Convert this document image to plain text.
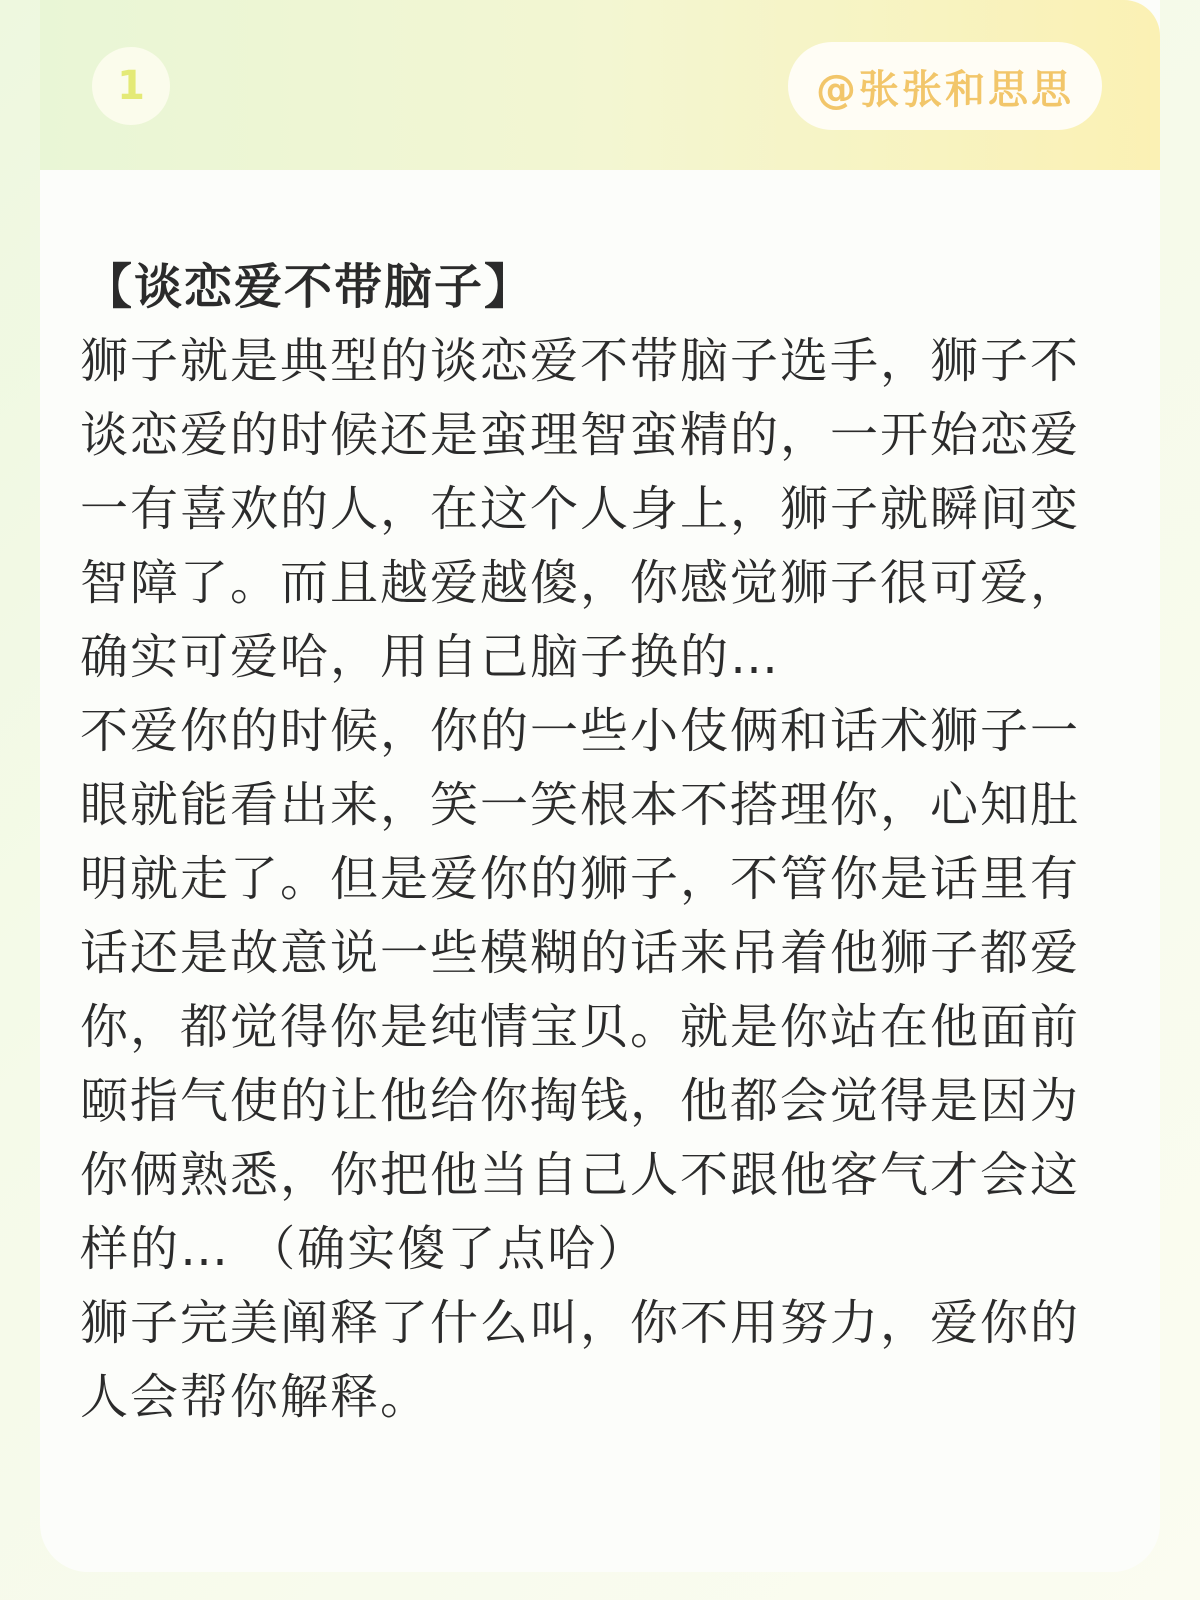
1	@张张和思思
【谈恋爱不带脑子】

狮子就是典型的谈恋爱不带脑子选手，狮子不谈恋爱的时候还是蛮理智蛮精的，一开始恋爱一有喜欢的人，在这个人身上，狮子就瞬间变智障了。而且越爱越傻，你感觉狮子很可爱，确实可爱哈，用自己脑子换的…

不爱你的时候，你的一些小伎俩和话术狮子一眼就能看出来，笑一笑根本不搭理你，心知肚明就走了。但是爱你的狮子，不管你是话里有话还是故意说一些模糊的话来吊着他狮子都爱你，都觉得你是纯情宝贝。就是你站在他面前颐指气使的让他给你掏钱，他都会觉得是因为你俩熟悉，你把他当自己人不跟他客气才会这样的… （确实傻了点哈）

狮子完美阐释了什么叫，你不用努力，爱你的人会帮你解释。
